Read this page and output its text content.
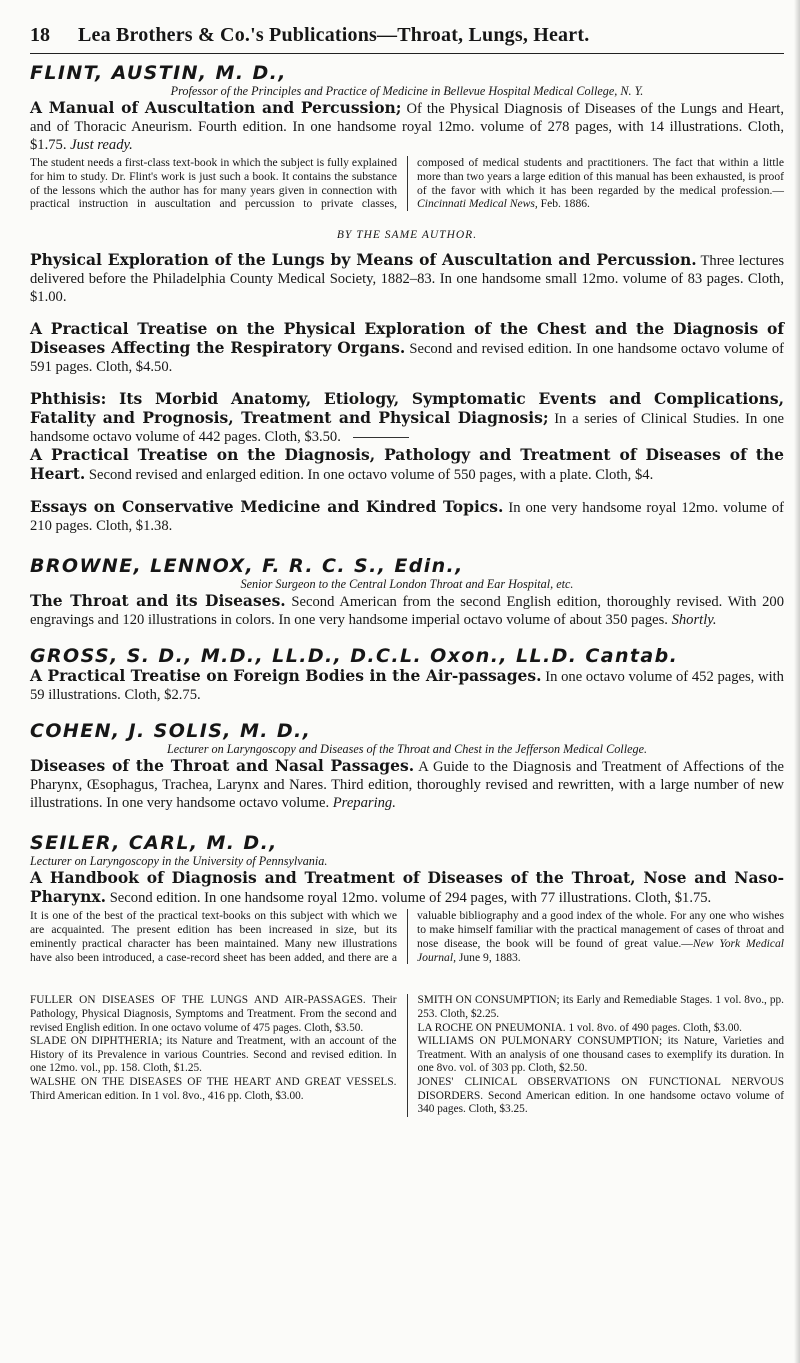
18 Lea Brothers & Co.'s Publications—Throat, Lungs, Heart.
FLINT, AUSTIN, M. D.,
Professor of the Principles and Practice of Medicine in Bellevue Hospital Medical College, N. Y.

A Manual of Auscultation and Percussion; Of the Physical Diagnosis of Diseases of the Lungs and Heart, and of Thoracic Aneurism. Fourth edition. In one handsome royal 12mo. volume of 278 pages, with 14 illustrations. Cloth, $1.75. Just ready.

The student needs a first-class text-book in which the subject is fully explained for him to study. Dr. Flint's work is just such a book. It contains the substance of the lessons which the author has for many years given in connection with practical instruction in auscultation and percussion to private classes, composed of medical students and practitioners. The fact that within a little more than two years a large edition of this manual has been exhausted, is proof of the favor with which it has been regarded by the medical profession.—Cincinnati Medical News, Feb. 1886.

BY THE SAME AUTHOR.

Physical Exploration of the Lungs by Means of Auscultation and Percussion. Three lectures delivered before the Philadelphia County Medical Society, 1882–83. In one handsome small 12mo. volume of 83 pages. Cloth, $1.00.

A Practical Treatise on the Physical Exploration of the Chest and the Diagnosis of Diseases Affecting the Respiratory Organs. Second and revised edition. In one handsome octavo volume of 591 pages. Cloth, $4.50.

Phthisis: Its Morbid Anatomy, Etiology, Symptomatic Events and Complications, Fatality and Prognosis, Treatment and Physical Diagnosis; In a series of Clinical Studies. In one handsome octavo volume of 442 pages. Cloth, $3.50.

A Practical Treatise on the Diagnosis, Pathology and Treatment of Diseases of the Heart. Second revised and enlarged edition. In one octavo volume of 550 pages, with a plate. Cloth, $4.

Essays on Conservative Medicine and Kindred Topics. In one very handsome royal 12mo. volume of 210 pages. Cloth, $1.38.

BROWNE, LENNOX, F. R. C. S., Edin.,
Senior Surgeon to the Central London Throat and Ear Hospital, etc.

The Throat and its Diseases. Second American from the second English edition, thoroughly revised. With 200 engravings and 120 illustrations in colors. In one very handsome imperial octavo volume of about 350 pages. Shortly.

GROSS, S. D., M.D., LL.D., D.C.L. Oxon., LL.D. Cantab.

A Practical Treatise on Foreign Bodies in the Air-passages. In one octavo volume of 452 pages, with 59 illustrations. Cloth, $2.75.

COHEN, J. SOLIS, M. D.,
Lecturer on Laryngoscopy and Diseases of the Throat and Chest in the Jefferson Medical College.

Diseases of the Throat and Nasal Passages. A Guide to the Diagnosis and Treatment of Affections of the Pharynx, Œsophagus, Trachea, Larynx and Nares. Third edition, thoroughly revised and rewritten, with a large number of new illustrations. In one very handsome octavo volume. Preparing.

SEILER, CARL, M. D.,
Lecturer on Laryngoscopy in the University of Pennsylvania.

A Handbook of Diagnosis and Treatment of Diseases of the Throat, Nose and Naso-Pharynx. Second edition. In one handsome royal 12mo. volume of 294 pages, with 77 illustrations. Cloth, $1.75.

It is one of the best of the practical text-books on this subject with which we are acquainted. The present edition has been increased in size, but its eminently practical character has been maintained. Many new illustrations have also been introduced, a case-record sheet has been added, and there are a valuable bibliography and a good index of the whole. For any one who wishes to make himself familiar with the practical management of cases of throat and nose disease, the book will be found of great value.—New York Medical Journal, June 9, 1883.

FULLER ON DISEASES OF THE LUNGS AND AIR-PASSAGES. Their Pathology, Physical Diagnosis, Symptoms and Treatment. From the second and revised English edition. In one octavo volume of 475 pages. Cloth, $3.50.

SLADE ON DIPHTHERIA; its Nature and Treatment, with an account of the History of its Prevalence in various Countries. Second and revised edition. In one 12mo. vol., pp. 158. Cloth, $1.25.

WALSHE ON THE DISEASES OF THE HEART AND GREAT VESSELS. Third American edition. In 1 vol. 8vo., 416 pp. Cloth, $3.00.

SMITH ON CONSUMPTION; its Early and Remediable Stages. 1 vol. 8vo., pp. 253. Cloth, $2.25.

LA ROCHE ON PNEUMONIA. 1 vol. 8vo. of 490 pages. Cloth, $3.00.

WILLIAMS ON PULMONARY CONSUMPTION; its Nature, Varieties and Treatment. With an analysis of one thousand cases to exemplify its duration. In one 8vo. vol. of 303 pp. Cloth, $2.50.

JONES' CLINICAL OBSERVATIONS ON FUNCTIONAL NERVOUS DISORDERS. Second American edition. In one handsome octavo volume of 340 pages. Cloth, $3.25.
